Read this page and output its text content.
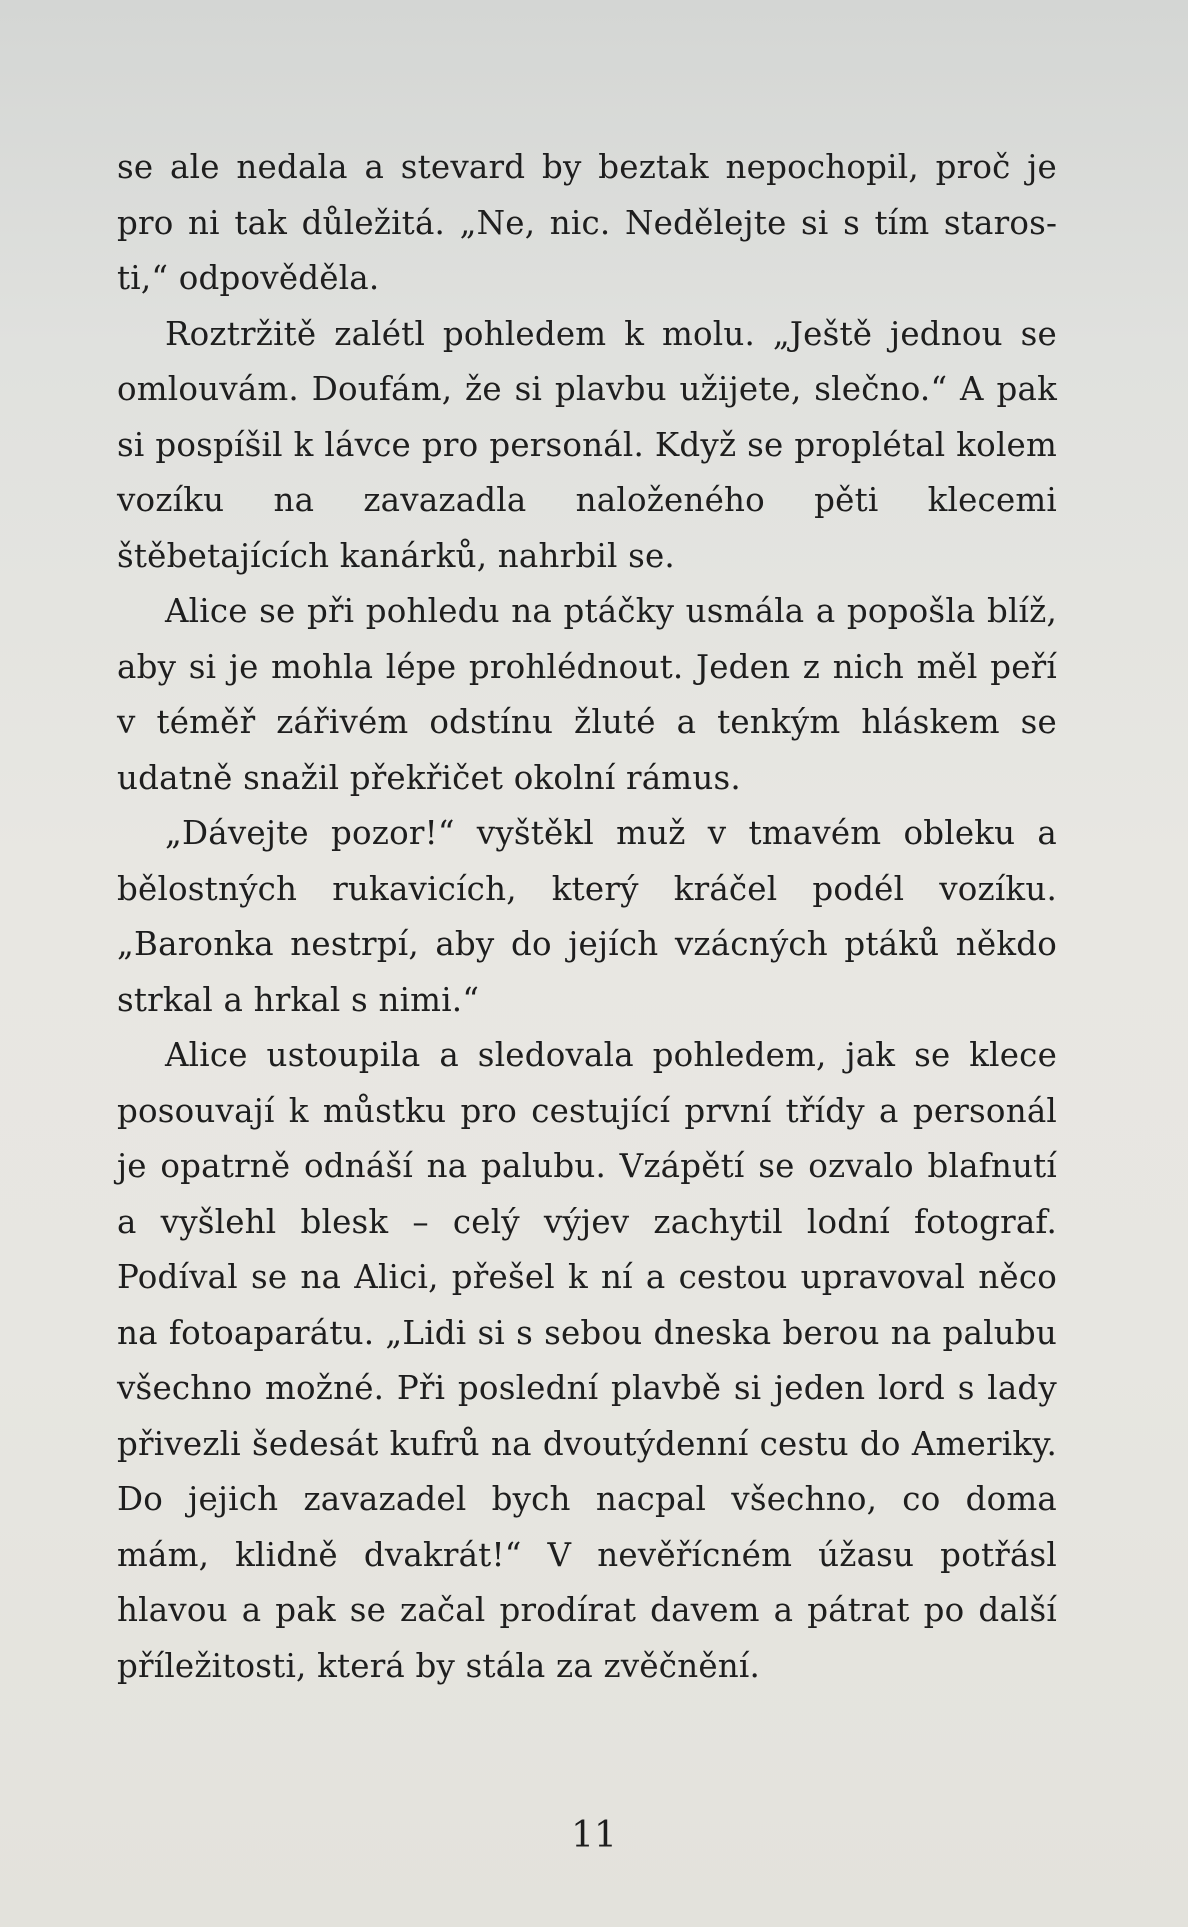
se ale nedala a stevard by beztak nepochopil, proč je pro ni tak důležitá. „Ne, nic. Nedělejte si s tím starosti,“ odpověděla.

Roztržitě zalétl pohledem k molu. „Ještě jednou se omlouvám. Doufám, že si plavbu užijete, slečno.“ A pak si pospíšil k lávce pro personál. Když se proplétal kolem vozíku na zavazadla naloženého pěti klecemi štěbetajících kanárků, nahrbil se.

Alice se při pohledu na ptáčky usmála a popošla blíž, aby si je mohla lépe prohlédnout. Jeden z nich měl peří v téměř zářivém odstínu žluté a tenkým hláskem se udatně snažil překřičet okolní rámus.

„Dávejte pozor!“ vyštěkl muž v tmavém obleku a bělostných rukavicích, který kráčel podél vozíku. „Baronka nestrpí, aby do jejích vzácných ptáků někdo strkal a hrkal s nimi.“

Alice ustoupila a sledovala pohledem, jak se klece posouvají k můstku pro cestující první třídy a personál je opatrně odnáší na palubu. Vzápětí se ozvalo blafnutí a vyšlehl blesk – celý výjev zachytil lodní fotograf. Podíval se na Alici, přešel k ní a cestou upravoval něco na fotoaparátu. „Lidi si s sebou dneska berou na palubu všechno možné. Při poslední plavbě si jeden lord s lady přivezli šedesát kufrů na dvoutýdenní cestu do Ameriky. Do jejich zavazadel bych nacpal všechno, co doma mám, klidně dvakrát!“ V nevěřícném úžasu potřásl hlavou a pak se začal prodírat davem a pátrat po další příležitosti, která by stála za zvěčnění.

11
